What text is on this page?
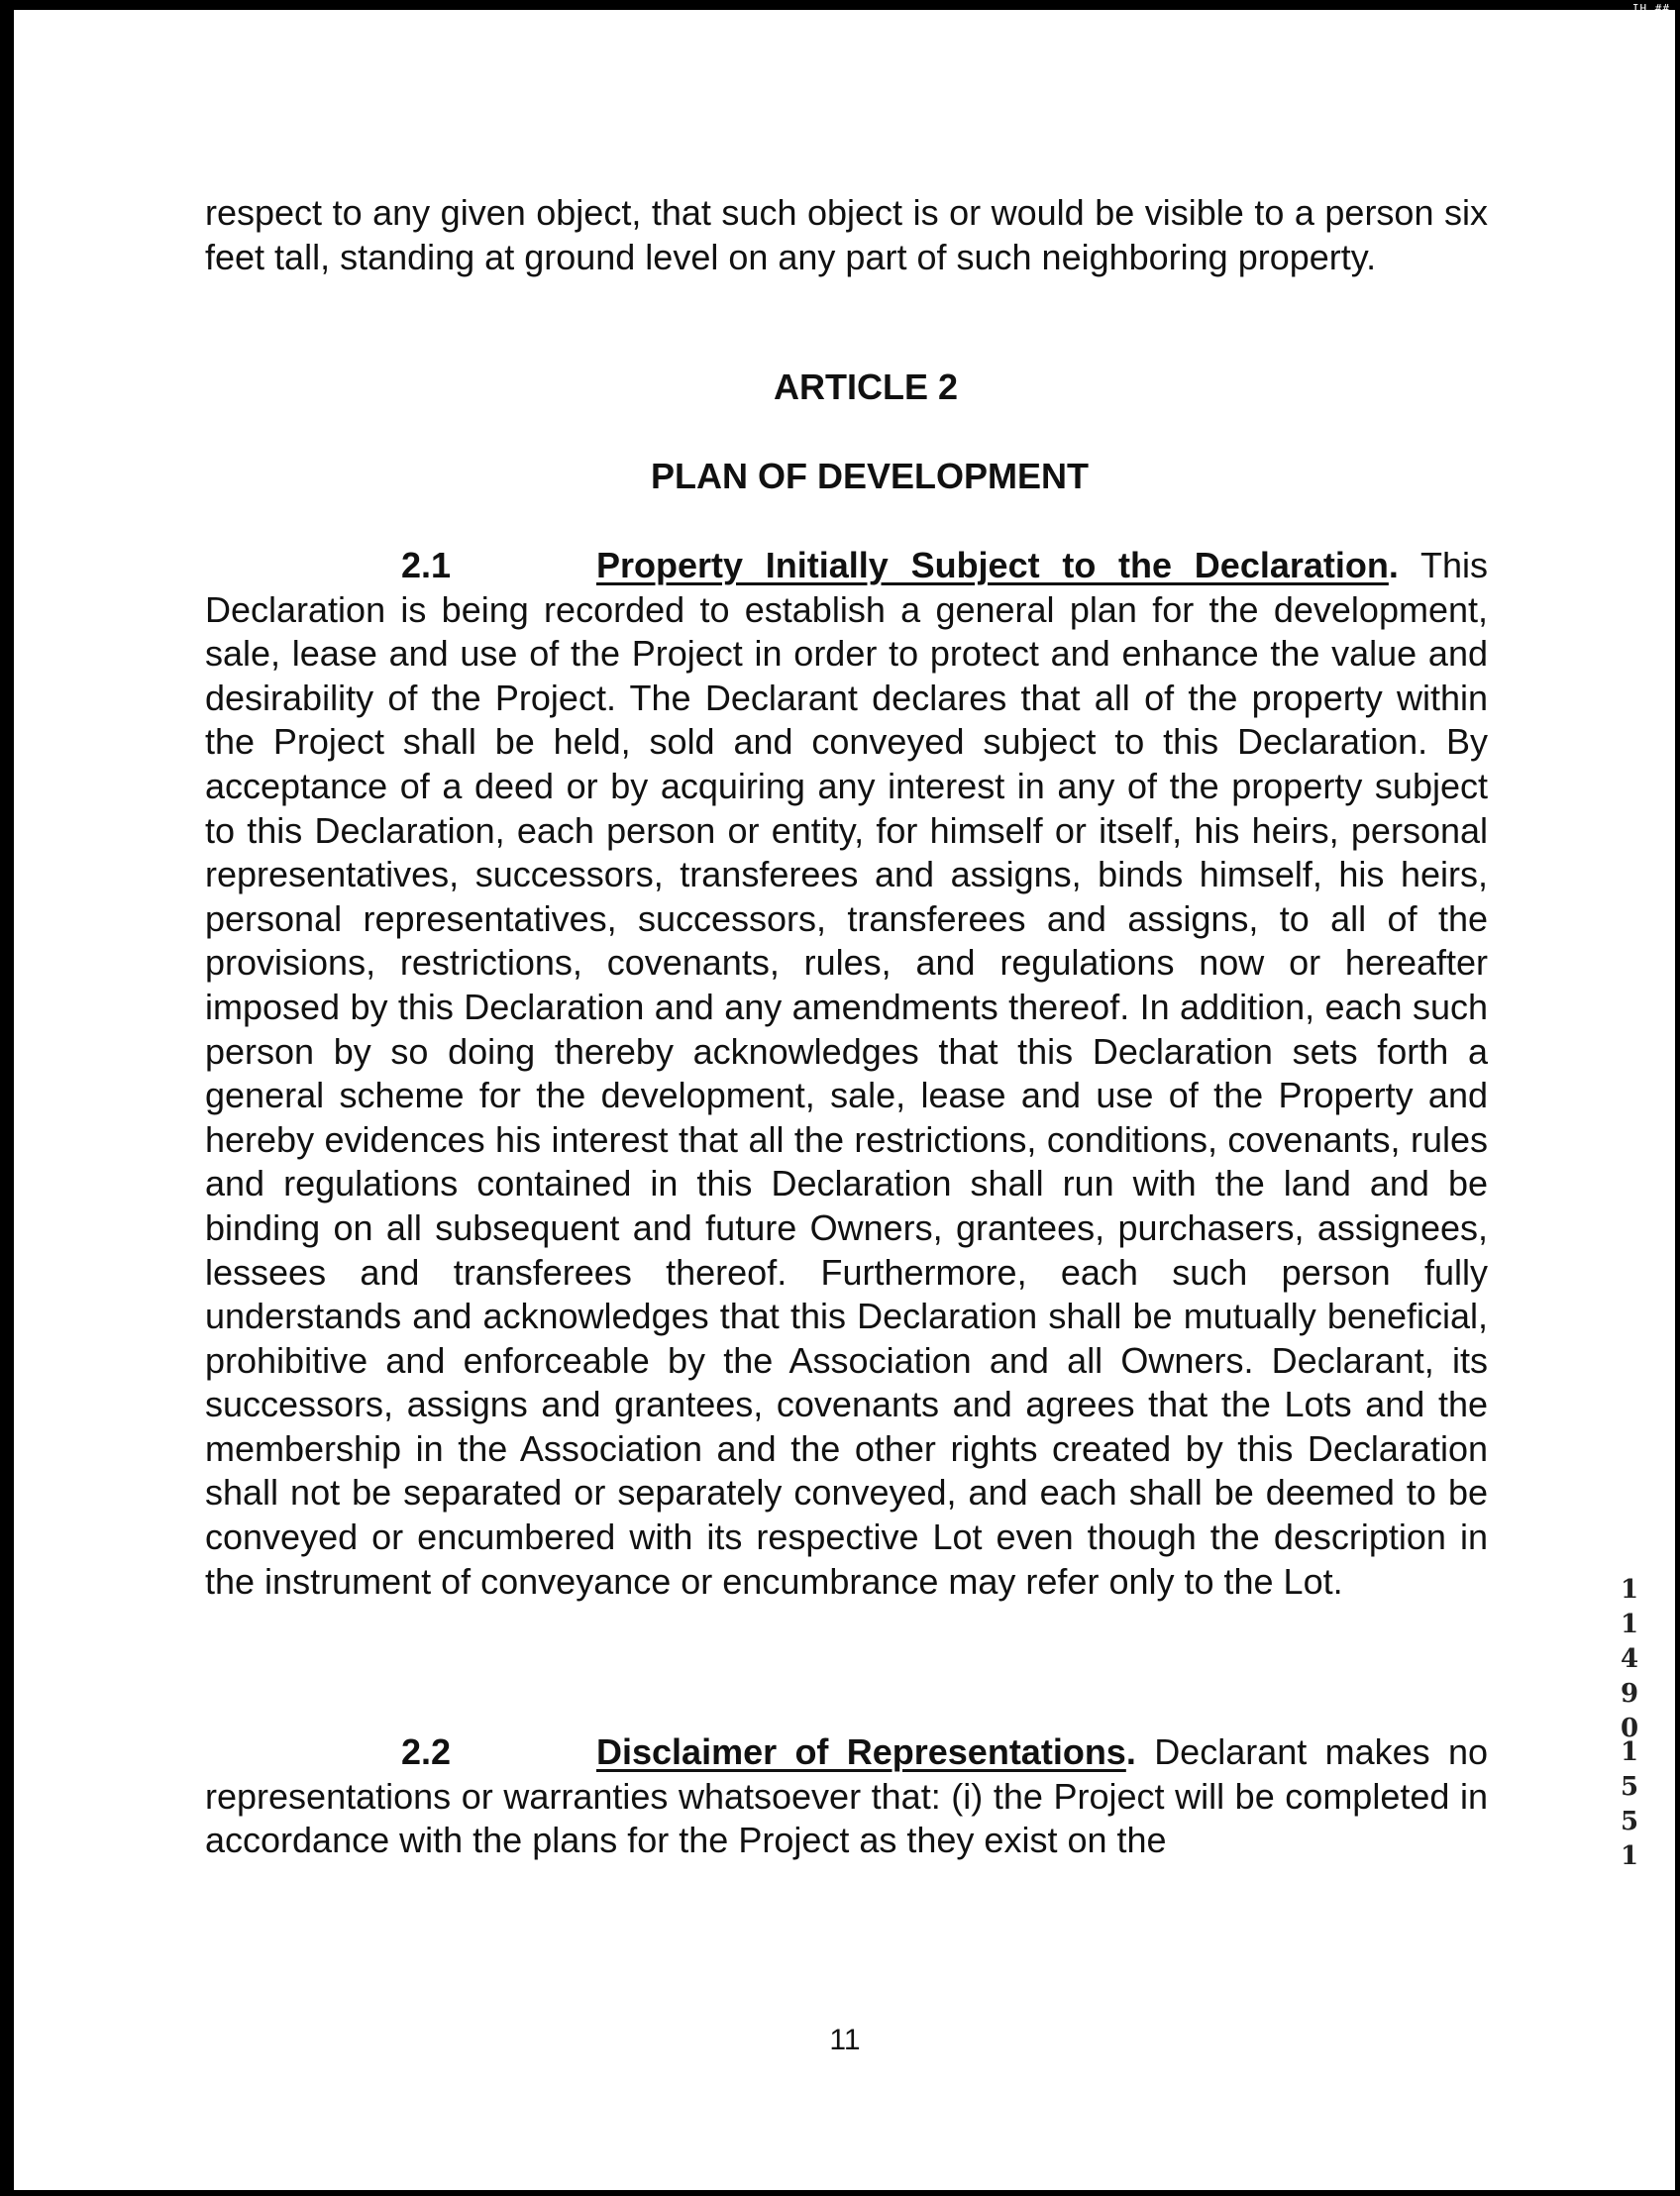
IH ##

respect to any given object, that such object is or would be visible to a person six feet tall, standing at ground level on any part of such neighboring property.

ARTICLE 2

PLAN OF DEVELOPMENT

2.1	Property Initially Subject to the Declaration. This Declaration is being recorded to establish a general plan for the development, sale, lease and use of the Project in order to protect and enhance the value and desirability of the Project. The Declarant declares that all of the property within the Project shall be held, sold and conveyed subject to this Declaration. By acceptance of a deed or by acquiring any interest in any of the property subject to this Declaration, each person or entity, for himself or itself, his heirs, personal representatives, successors, transferees and assigns, binds himself, his heirs, personal representatives, successors, transferees and assigns, to all of the provisions, restrictions, covenants, rules, and regulations now or hereafter imposed by this Declaration and any amendments thereof. In addition, each such person by so doing thereby acknowledges that this Declaration sets forth a general scheme for the development, sale, lease and use of the Property and hereby evidences his interest that all the restrictions, conditions, covenants, rules and regulations contained in this Declaration shall run with the land and be binding on all subsequent and future Owners, grantees, purchasers, assignees, lessees and transferees thereof. Furthermore, each such person fully understands and acknowledges that this Declaration shall be mutually beneficial, prohibitive and enforceable by the Association and all Owners. Declarant, its successors, assigns and grantees, covenants and agrees that the Lots and the membership in the Association and the other rights created by this Declaration shall not be separated or separately conveyed, and each shall be deemed to be conveyed or encumbered with its respective Lot even though the description in the instrument of conveyance or encumbrance may refer only to the Lot.

2.2	Disclaimer of Representations. Declarant makes no representations or warranties whatsoever that: (i) the Project will be completed in accordance with the plans for the Project as they exist on the

11
1
1
4
9
0
1
5
5
1
